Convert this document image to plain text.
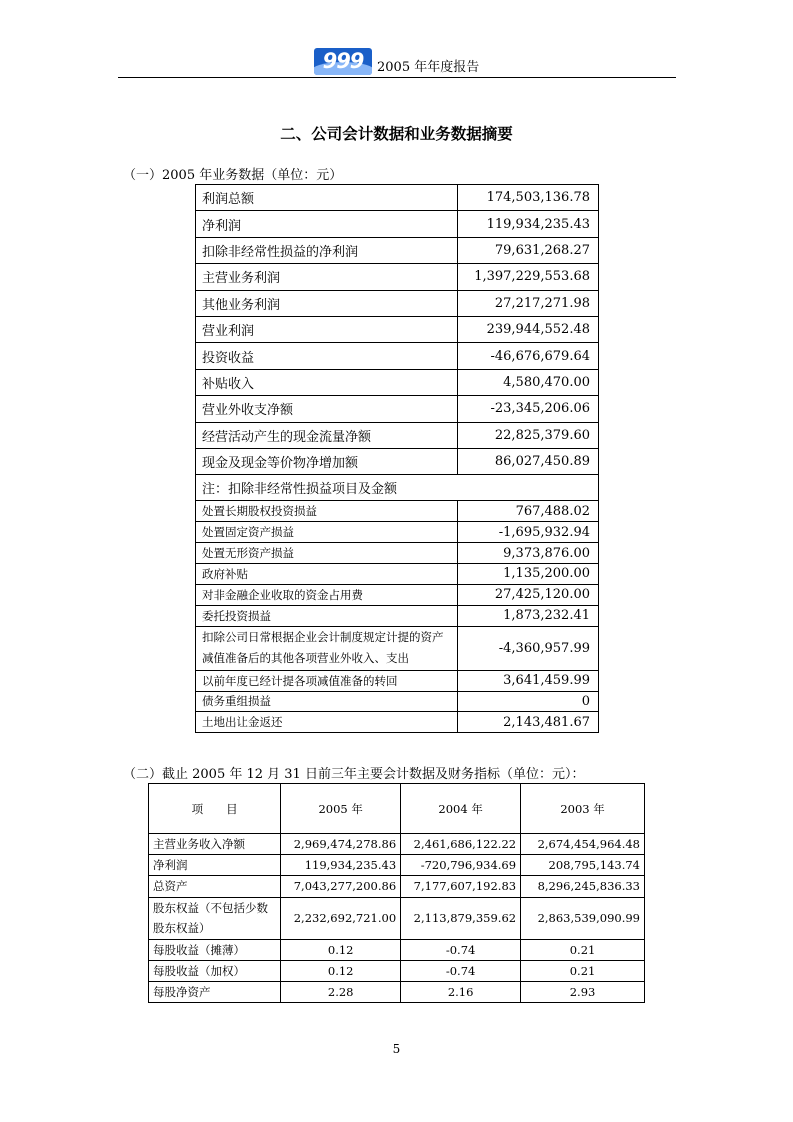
999	2005 年年度报告
二、公司会计数据和业务数据摘要
（一）2005 年业务数据（单位：元）
利润总额	174,503,136.78
净利润	119,934,235.43
扣除非经常性损益的净利润	79,631,268.27
主营业务利润	1,397,229,553.68
其他业务利润	27,217,271.98
营业利润	239,944,552.48
投资收益	-46,676,679.64
补贴收入	4,580,470.00
营业外收支净额	-23,345,206.06
经营活动产生的现金流量净额	22,825,379.60
现金及现金等价物净增加额	86,027,450.89
注：扣除非经常性损益项目及金额	
处置长期股权投资损益	767,488.02
处置固定资产损益	-1,695,932.94
处置无形资产损益	9,373,876.00
政府补贴	1,135,200.00
对非金融企业收取的资金占用费	27,425,120.00
委托投资损益	1,873,232.41
扣除公司日常根据企业会计制度规定计提的资产减值准备后的其他各项营业外收入、支出	-4,360,957.99
以前年度已经计提各项减值准备的转回	3,641,459.99
债务重组损益	0
土地出让金返还	2,143,481.67
（二）截止 2005 年 12 月 31 日前三年主要会计数据及财务指标（单位：元）：
项　　目	2005 年	2004 年	2003 年
主营业务收入净额	2,969,474,278.86	2,461,686,122.22	2,674,454,964.48
净利润	119,934,235.43	-720,796,934.69	208,795,143.74
总资产	7,043,277,200.86	7,177,607,192.83	8,296,245,836.33
股东权益（不包括少数股东权益）	2,232,692,721.00	2,113,879,359.62	2,863,539,090.99
每股收益（摊薄）	0.12	-0.74	0.21
每股收益（加权）	0.12	-0.74	0.21
每股净资产	2.28	2.16	2.93
5
